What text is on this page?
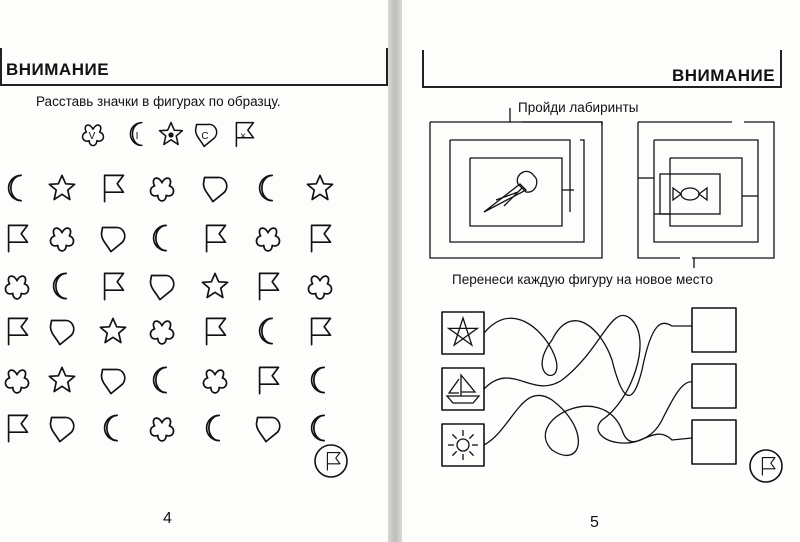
ВНИМАНИЕ
Расставь значки в фигурах по образцу.
V	I	C	×
4
ВНИМАНИЕ
Пройди лабиринты
Перенеси каждую фигуру на новое место
5
